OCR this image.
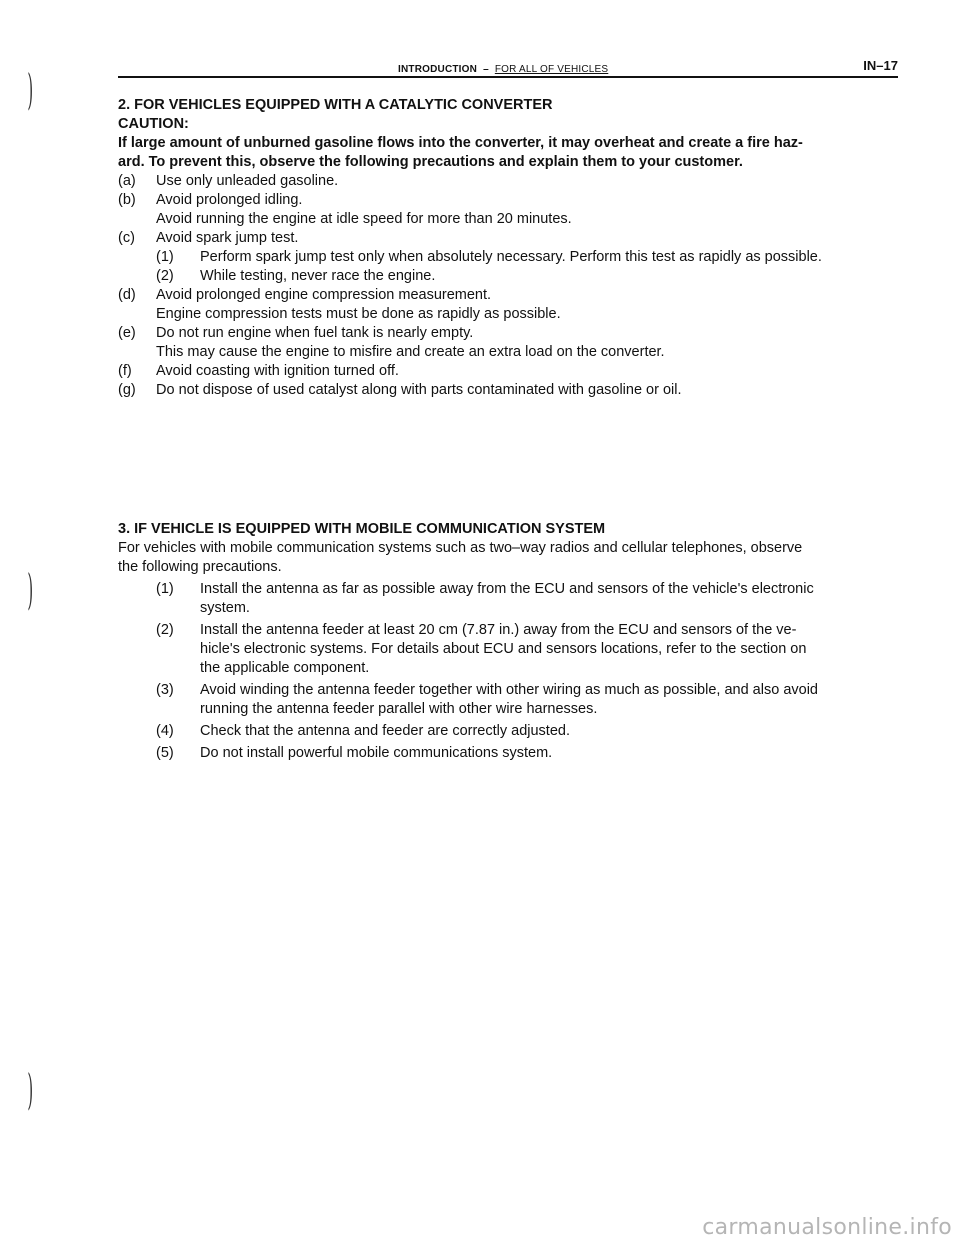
INTRODUCTION – FOR ALL OF VEHICLES	IN–17
)
)
)
2. FOR VEHICLES EQUIPPED WITH A CATALYTIC CONVERTER
CAUTION:
If large amount of unburned gasoline flows into the converter, it may overheat and create a fire haz-
ard. To prevent this, observe the following precautions and explain them to your customer.
(a) Use only unleaded gasoline.
(b) Avoid prolonged idling.
Avoid running the engine at idle speed for more than 20 minutes.
(c) Avoid spark jump test.
(1) Perform spark jump test only when absolutely necessary. Perform this test as rapidly as possible.
(2) While testing, never race the engine.
(d) Avoid prolonged engine compression measurement.
Engine compression tests must be done as rapidly as possible.
(e) Do not run engine when fuel tank is nearly empty.
This may cause the engine to misfire and create an extra load on the converter.
(f) Avoid coasting with ignition turned off.
(g) Do not dispose of used catalyst along with parts contaminated with gasoline or oil.
3. IF VEHICLE IS EQUIPPED WITH MOBILE COMMUNICATION SYSTEM
For vehicles with mobile communication systems such as two–way radios and cellular telephones, observe
the following precautions.
(1) Install the antenna as far as possible away from the ECU and sensors of the vehicle's electronic
system.
(2) Install the antenna feeder at least 20 cm (7.87 in.) away from the ECU and sensors of the ve-
hicle's electronic systems. For details about ECU and sensors locations, refer to the section on
the applicable component.
(3) Avoid winding the antenna feeder together with other wiring as much as possible, and also avoid
running the antenna feeder parallel with other wire harnesses.
(4) Check that the antenna and feeder are correctly adjusted.
(5) Do not install powerful mobile communications system.
carmanualsonline.info
